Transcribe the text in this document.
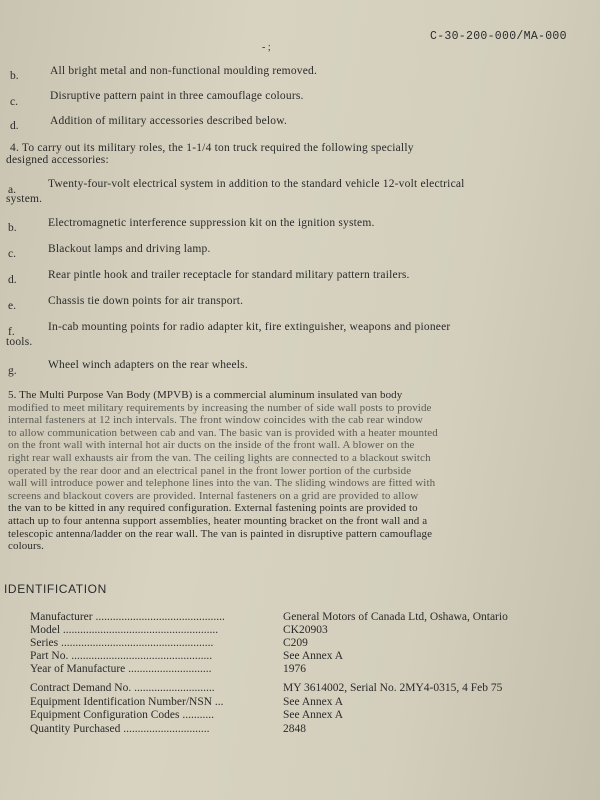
C-30-200-000/MA-000
- ;
b.	All bright metal and non-functional moulding removed.
c.	Disruptive pattern paint in three camouflage colours.
d.	Addition of military accessories described below.
4. To carry out its military roles, the 1-1/4 ton truck required the following specially
designed accessories:
a.	Twenty-four-volt electrical system in addition to the standard vehicle 12-volt electrical
system.
b.	Electromagnetic interference suppression kit on the ignition system.
c.	Blackout lamps and driving lamp.
d.	Rear pintle hook and trailer receptacle for standard military pattern trailers.
e.	Chassis tie down points for air transport.
f.	In-cab mounting points for radio adapter kit, fire extinguisher, weapons and pioneer
tools.
g.	Wheel winch adapters on the rear wheels.
5. The Multi Purpose Van Body (MPVB) is a commercial aluminum insulated van body
modified to meet military requirements by increasing the number of side wall posts to provide
internal fasteners at 12 inch intervals. The front window coincides with the cab rear window
to allow communication between cab and van. The basic van is provided with a heater mounted
on the front wall with internal hot air ducts on the inside of the front wall. A blower on the
right rear wall exhausts air from the van. The ceiling lights are connected to a blackout switch
operated by the rear door and an electrical panel in the front lower portion of the curbside
wall will introduce power and telephone lines into the van. The sliding windows are fitted with
screens and blackout covers are provided. Internal fasteners on a grid are provided to allow
the van to be kitted in any required configuration. External fastening points are provided to
attach up to four antenna support assemblies, heater mounting bracket on the front wall and a
telescopic antenna/ladder on the rear wall. The van is painted in disruptive pattern camouflage
colours.
IDENTIFICATION
Manufacturer .............................................	General Motors of Canada Ltd, Oshawa, Ontario
Model ......................................................	CK20903
Series .....................................................	C209
Part No. .................................................	See Annex A
Year of Manufacture .............................	1976
Contract Demand No. ............................	MY 3614002, Serial No. 2MY4-0315, 4 Feb 75
Equipment Identification Number/NSN ...	See Annex A
Equipment Configuration Codes ...........	See Annex A
Quantity Purchased ..............................	2848
